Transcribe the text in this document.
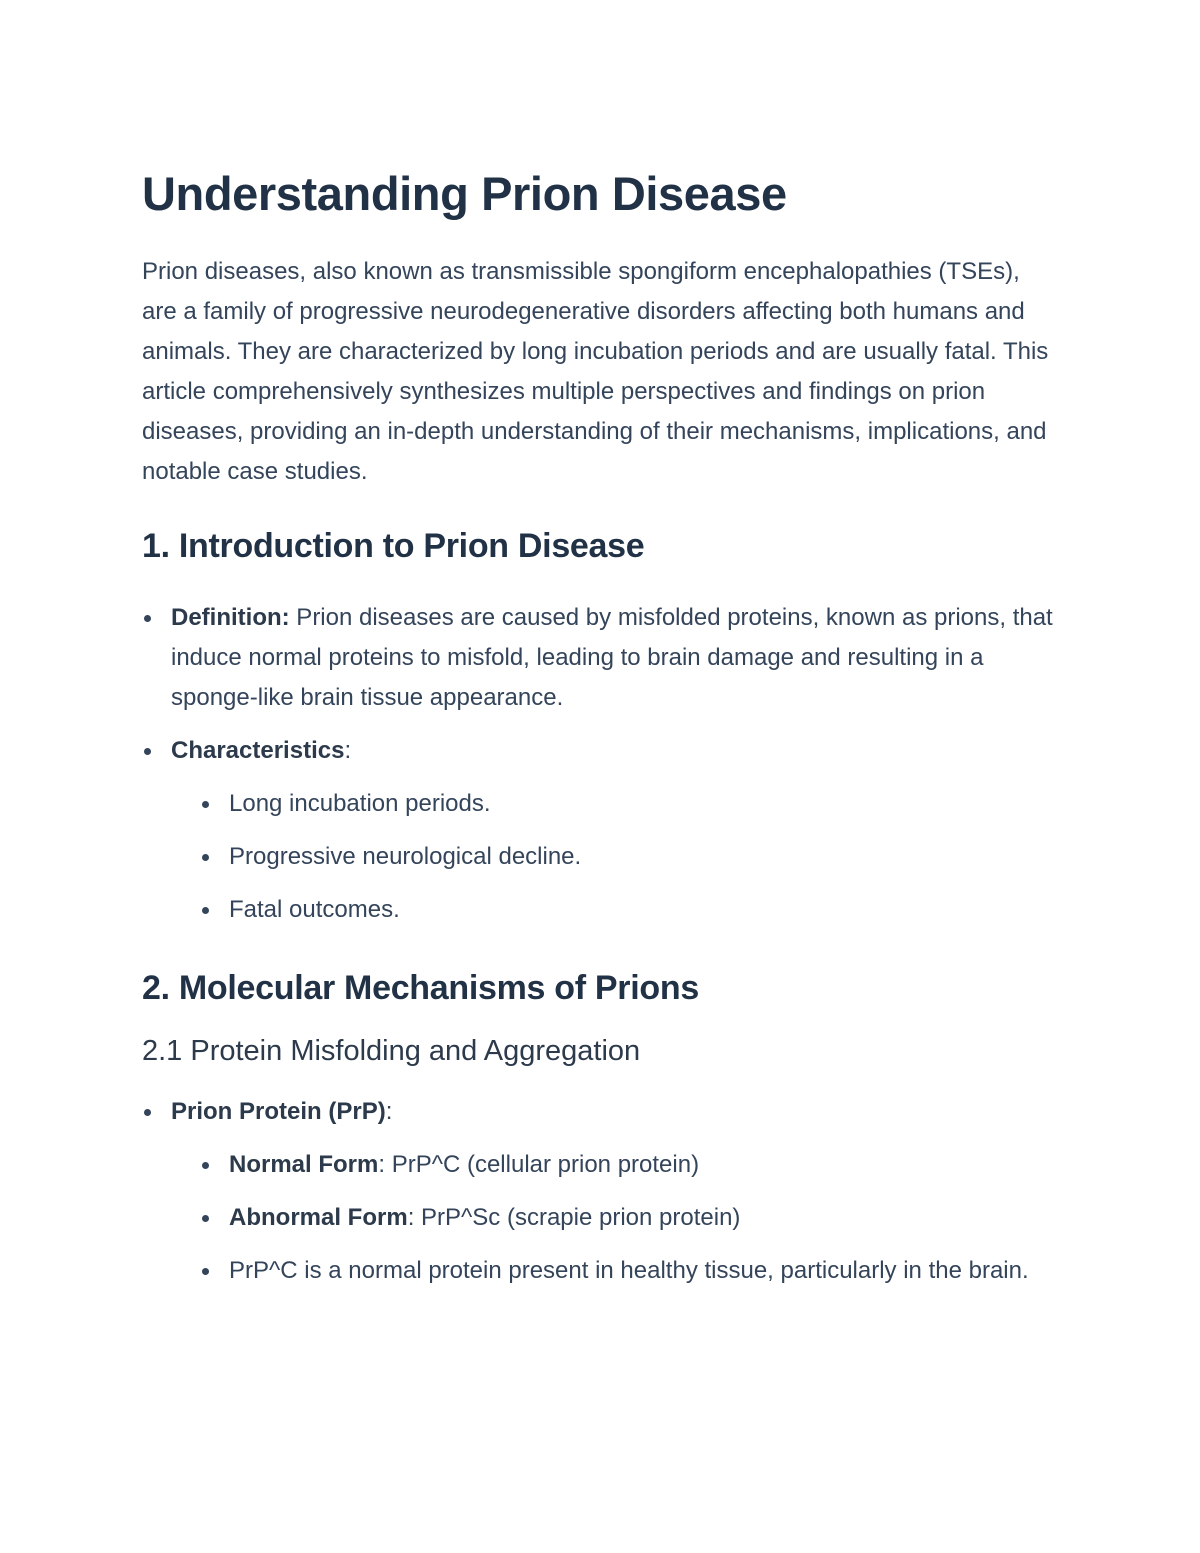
Understanding Prion Disease

Prion diseases, also known as transmissible spongiform encephalopathies (TSEs), are a family of progressive neurodegenerative disorders affecting both humans and animals. They are characterized by long incubation periods and are usually fatal. This article comprehensively synthesizes multiple perspectives and findings on prion diseases, providing an in-depth understanding of their mechanisms, implications, and notable case studies.

1. Introduction to Prion Disease
Definition: Prion diseases are caused by misfolded proteins, known as prions, that induce normal proteins to misfold, leading to brain damage and resulting in a sponge-like brain tissue appearance.
Characteristics:
Long incubation periods.
Progressive neurological decline.
Fatal outcomes.
2. Molecular Mechanisms of Prions
2.1 Protein Misfolding and Aggregation
Prion Protein (PrP):
Normal Form: PrP^C (cellular prion protein)
Abnormal Form: PrP^Sc (scrapie prion protein)
PrP^C is a normal protein present in healthy tissue, particularly in the brain.
